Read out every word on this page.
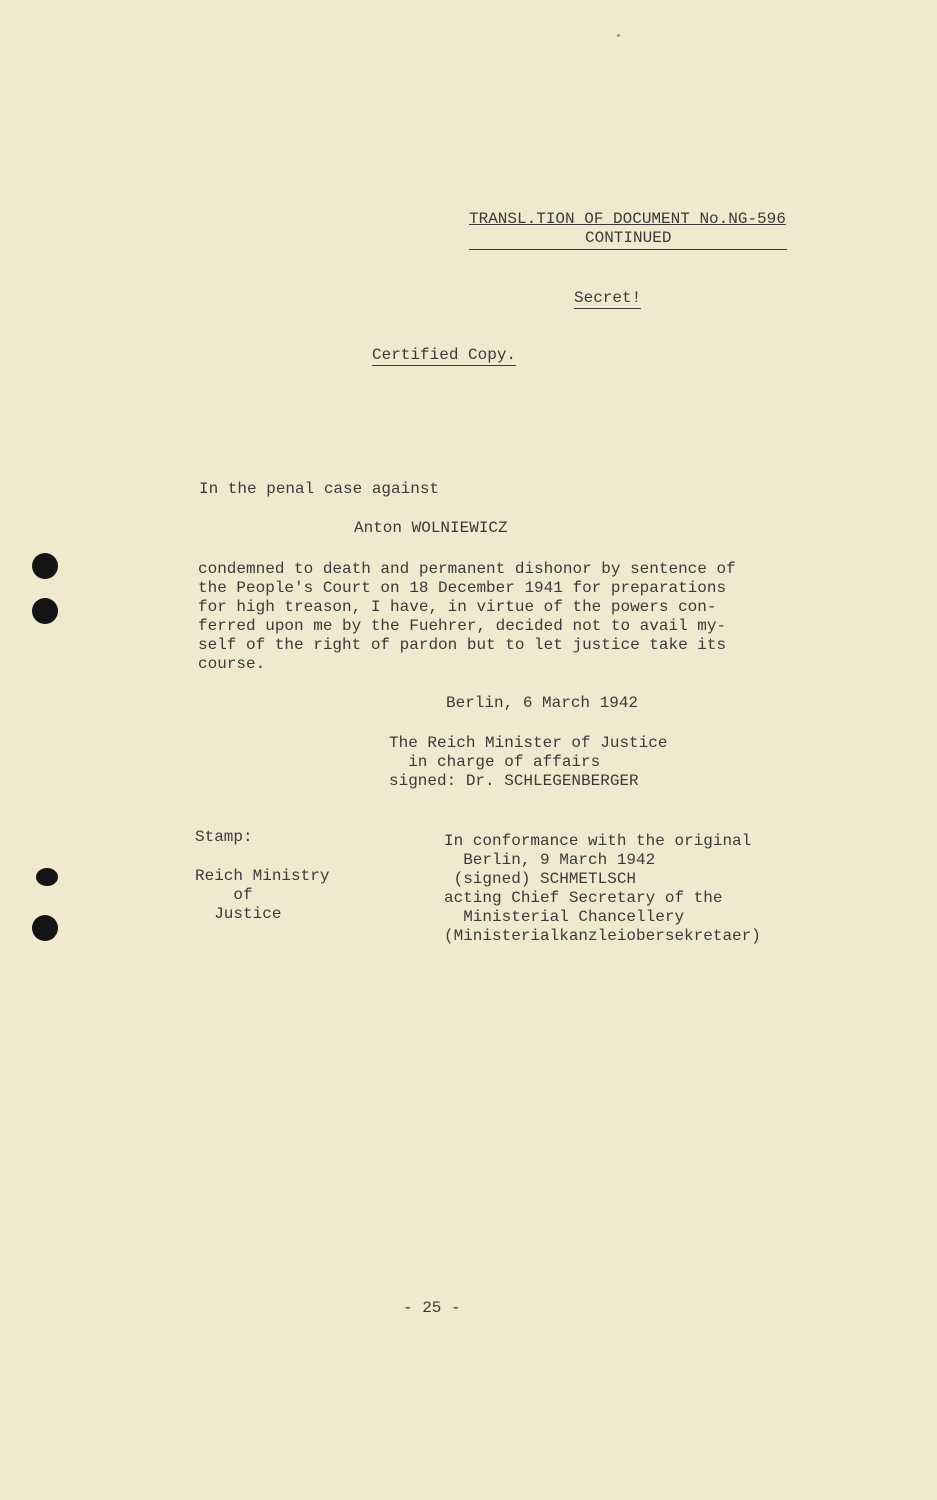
TRANSL.TION OF DOCUMENT No.NG-596
CONTINUED
Secret!
Certified Copy.
In the penal case against
Anton WOLNIEWICZ
condemned to death and permanent dishonor by sentence of
the People's Court on 18 December 1941 for preparations
for high treason, I have, in virtue of the powers con-
ferred upon me by the Fuehrer, decided not to avail my-
self of the right of pardon but to let justice take its
course.
Berlin, 6 March 1942
The Reich Minister of Justice
in charge of affairs
signed: Dr. SCHLEGENBERGER
Stamp:
Reich Ministry
of
Justice
In conformance with the original
Berlin, 9 March 1942
(signed) SCHMETLSCH
acting Chief Secretary of the
Ministerial Chancellery
(Ministerialkanzleiobersekretaer)
- 25 -
